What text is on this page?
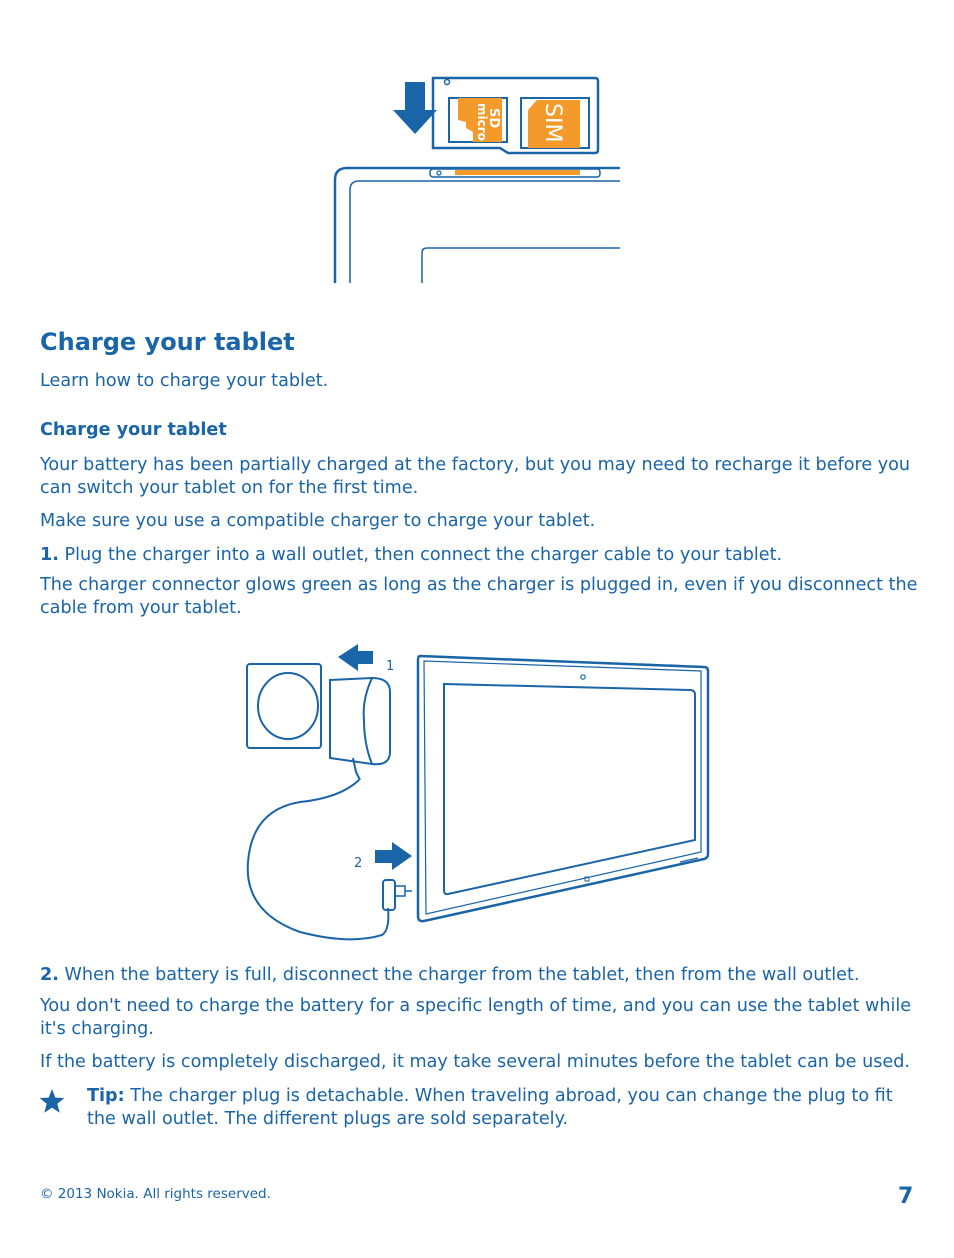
micro
SD SIM
Charge your tablet

Learn how to charge your tablet.

Charge your tablet

Your battery has been partially charged at the factory, but you may need to recharge it before you can switch your tablet on for the first time.

Make sure you use a compatible charger to charge your tablet.

1. Plug the charger into a wall outlet, then connect the charger cable to your tablet.

The charger connector glows green as long as the charger is plugged in, even if you disconnect the cable from your tablet.

1
2

2. When the battery is full, disconnect the charger from the tablet, then from the wall outlet.

You don't need to charge the battery for a specific length of time, and you can use the tablet while it's charging.

If the battery is completely discharged, it may take several minutes before the tablet can be used.

Tip: The charger plug is detachable. When traveling abroad, you can change the plug to fit the wall outlet. The different plugs are sold separately.

© 2013 Nokia. All rights reserved.	7
